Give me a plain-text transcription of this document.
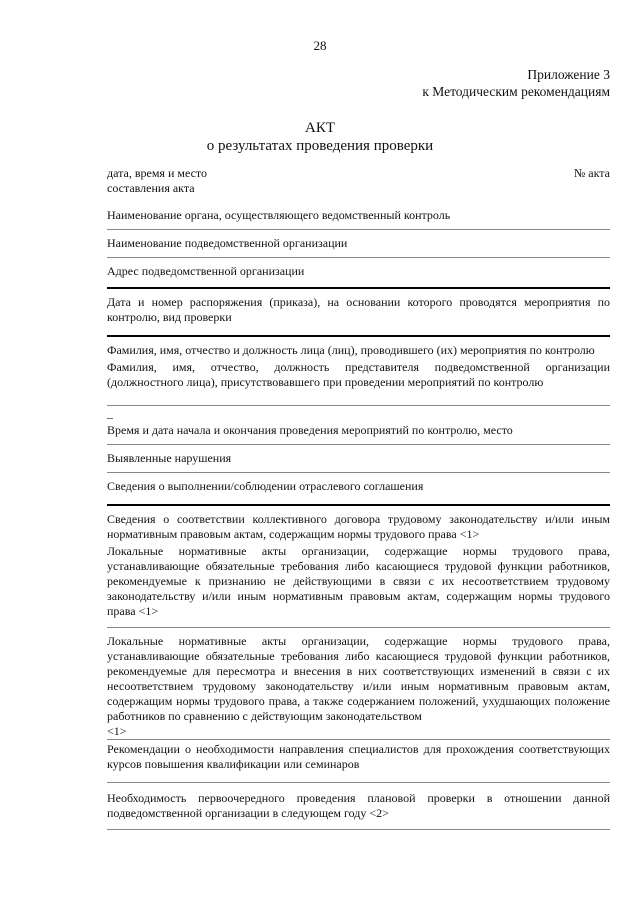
28
Приложение 3
к Методическим рекомендациям
АКТ
о результатах проведения проверки
дата, время и место
составления акта
№ акта

Наименование органа, осуществляющего ведомственный контроль

Наименование подведомственной организации

Адрес подведомственной организации

Дата и номер распоряжения (приказа), на основании которого проводятся мероприятия по контролю, вид проверки

Фамилия, имя, отчество и должность лица (лиц), проводившего (их) мероприятия по контролю

Фамилия, имя, отчество, должность представителя подведомственной организации (должностного лица), присутствовавшего при проведении мероприятий по контролю

_

Время и дата начала и окончания проведения мероприятий по контролю, место

Выявленные нарушения

Сведения о выполнении/соблюдении отраслевого соглашения

Сведения о соответствии коллективного договора трудовому законодательству и/или иным нормативным правовым актам, содержащим нормы трудового права <1>

Локальные нормативные акты организации, содержащие нормы трудового права, устанавливающие обязательные требования либо касающиеся трудовой функции работников, рекомендуемые к признанию не действующими в связи с их несоответствием трудовому законодательству и/или иным нормативным правовым актам, содержащим нормы трудового права <1>

Локальные нормативные акты организации, содержащие нормы трудового права, устанавливающие обязательные требования либо касающиеся трудовой функции работников, рекомендуемые для пересмотра и внесения в них соответствующих изменений в связи с их несоответствием трудовому законодательству и/или иным нормативным правовым актам, содержащим нормы трудового права, а также содержанием положений, ухудшающих положение работников по сравнению с действующим законодательством

<1>

Рекомендации о необходимости направления специалистов для прохождения соответствующих курсов повышения квалификации или семинаров

Необходимость первоочередного проведения плановой проверки в отношении данной подведомственной организации в следующем году <2>
